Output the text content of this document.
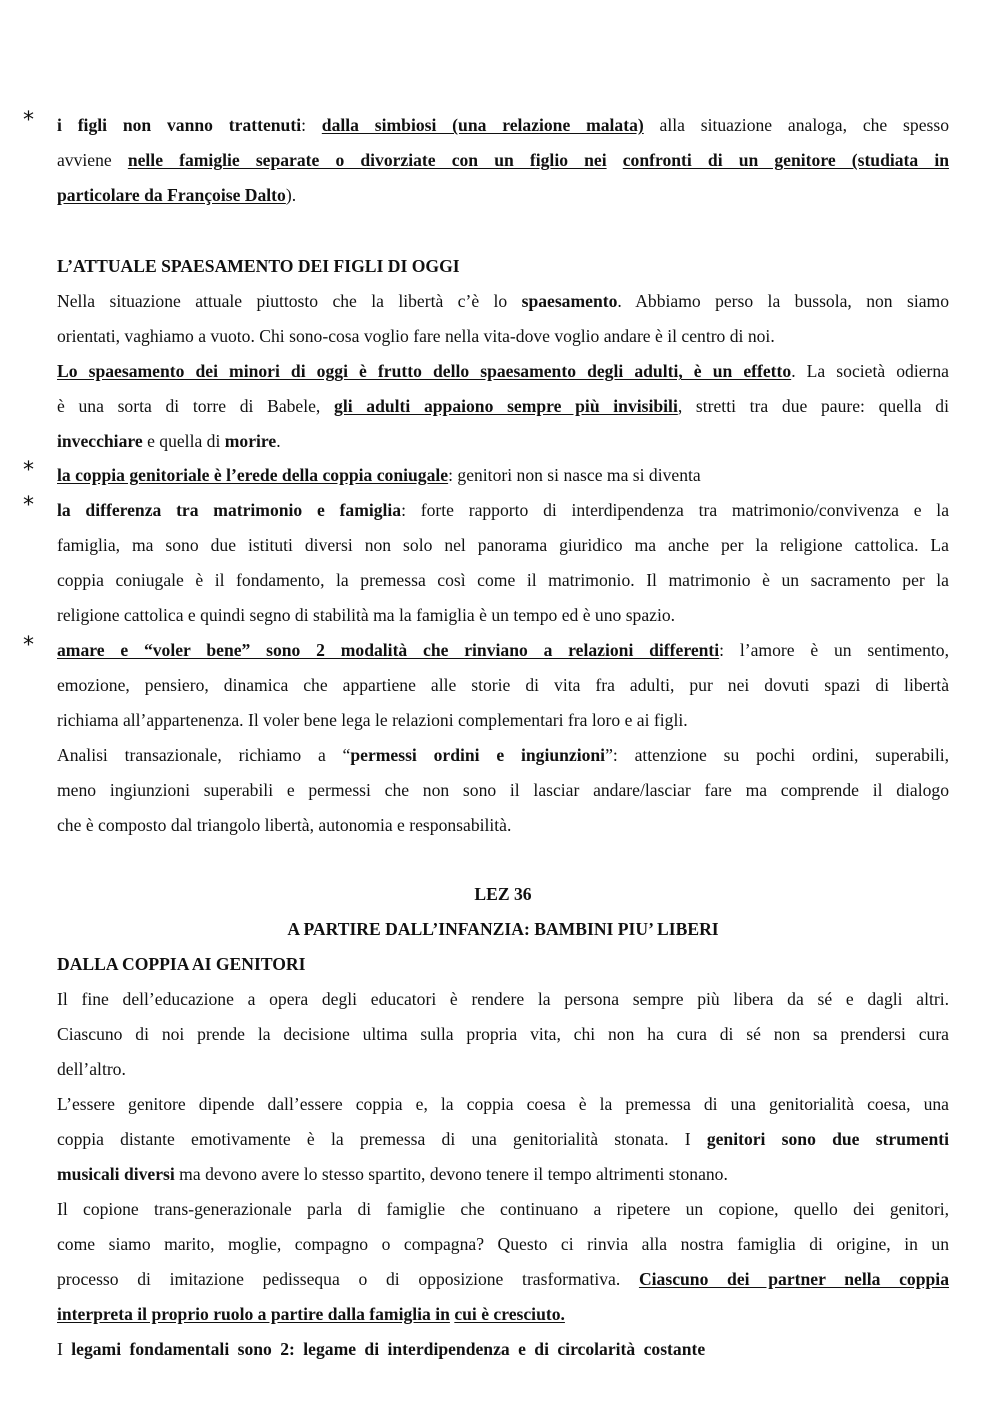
* i figli non vanno trattenuti: dalla simbiosi (una relazione malata) alla situazione analoga, che spesso
avviene nelle famiglie separate o divorziate con un figlio nei confronti di un genitore (studiata in
particolare da Françoise Dalto).
L’ATTUALE SPAESAMENTO DEI FIGLI DI OGGI
Nella situazione attuale piuttosto che la libertà c’è lo spaesamento. Abbiamo perso la bussola, non siamo
orientati, vaghiamo a vuoto. Chi sono-cosa voglio fare nella vita-dove voglio andare è il centro di noi.
Lo spaesamento dei minori di oggi è frutto dello spaesamento degli adulti, è un effetto. La società odierna
è una sorta di torre di Babele, gli adulti appaiono sempre più invisibili, stretti tra due paure: quella di
invecchiare e quella di morire.
* la coppia genitoriale è l’erede della coppia coniugale: genitori non si nasce ma si diventa
* la differenza tra matrimonio e famiglia: forte rapporto di interdipendenza tra matrimonio/convivenza e la
famiglia, ma sono due istituti diversi non solo nel panorama giuridico ma anche per la religione cattolica. La
coppia coniugale è il fondamento, la premessa così come il matrimonio. Il matrimonio è un sacramento per la
religione cattolica e quindi segno di stabilità ma la famiglia è un tempo ed è uno spazio.
* amare e “voler bene” sono 2 modalità che rinviano a relazioni differenti: l’amore è un sentimento,
emozione, pensiero, dinamica che appartiene alle storie di vita fra adulti, pur nei dovuti spazi di libertà
richiama all’appartenenza. Il voler bene lega le relazioni complementari fra loro e ai figli.
Analisi transazionale, richiamo a “permessi ordini e ingiunzioni”: attenzione su pochi ordini, superabili,
meno ingiunzioni superabili e permessi che non sono il lasciar andare/lasciar fare ma comprende il dialogo
che è composto dal triangolo libertà, autonomia e responsabilità.
LEZ 36
A PARTIRE DALL’INFANZIA: BAMBINI PIU’ LIBERI
DALLA COPPIA AI GENITORI
Il fine dell’educazione a opera degli educatori è rendere la persona sempre più libera da sé e dagli altri.
Ciascuno di noi prende la decisione ultima sulla propria vita, chi non ha cura di sé non sa prendersi cura
dell’altro.
L’essere genitore dipende dall’essere coppia e, la coppia coesa è la premessa di una genitorialità coesa, una
coppia distante emotivamente è la premessa di una genitorialità stonata. I genitori sono due strumenti
musicali diversi ma devono avere lo stesso spartito, devono tenere il tempo altrimenti stonano.
Il copione trans-generazionale parla di famiglie che continuano a ripetere un copione, quello dei genitori,
come siamo marito, moglie, compagno o compagna? Questo ci rinvia alla nostra famiglia di origine, in un
processo di imitazione pedissequa o di opposizione trasformativa. Ciascuno dei partner nella coppia
interpreta il proprio ruolo a partire dalla famiglia in cui è cresciuto.
I legami fondamentali sono 2: legame di interdipendenza e di circolarità costante
